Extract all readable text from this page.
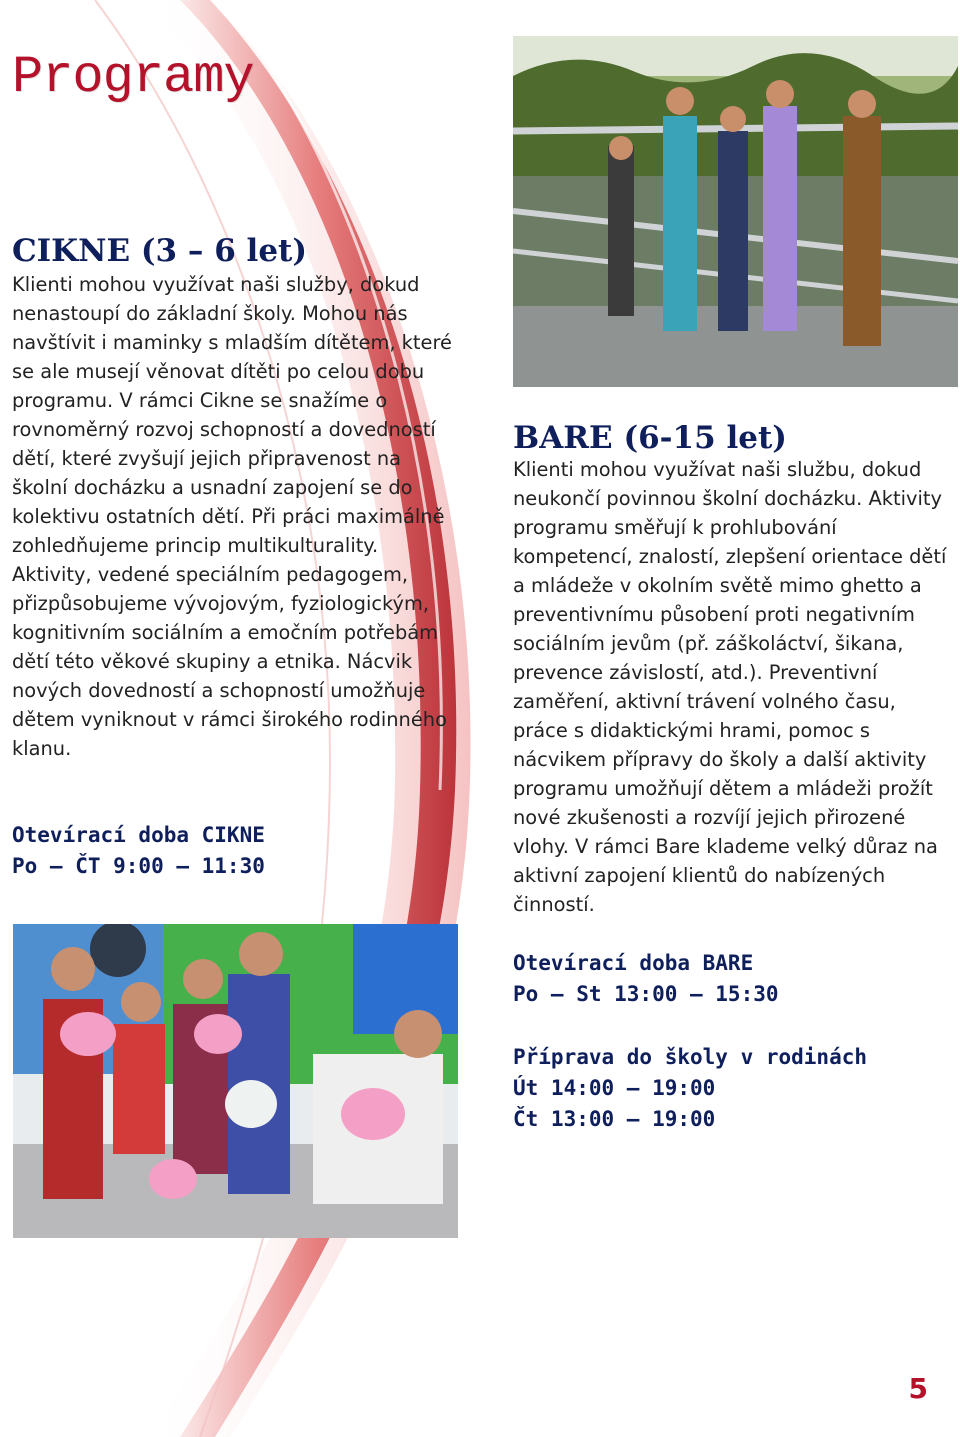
Programy
CIKNE (3 – 6 let)

Klienti mohou využívat naši služby, dokud nenastoupí do základní školy. Mohou nás navštívit i maminky s mladším dítětem, které se ale musejí věnovat dítěti po celou dobu programu. V rámci Cikne se snažíme o rovnoměrný rozvoj schopností a dovedností dětí, které zvyšují jejich připravenost na školní docházku a usnadní zapojení se do kolektivu ostatních dětí. Při práci maximálně zohledňujeme princip multikulturality. Aktivity, vedené speciálním pedagogem, přizpůsobujeme vývojovým, fyziologickým, kognitivním sociálním a emočním potřebám dětí této věkové skupiny a etnika. Nácvik nových dovedností a schopností umožňuje dětem vyniknout v rámci širokého rodinného klanu.

Otevírací doba CIKNE
Po – ČT 9:00 – 11:30
BARE (6-15 let)

Klienti mohou využívat naši službu, dokud neukončí povinnou školní docházku. Aktivity programu směřují k prohlubování kompetencí, znalostí, zlepšení orientace dětí a mládeže v okolním světě mimo ghetto a preventivnímu působení proti negativním sociálním jevům (př. záškoláctví, šikana, prevence závislostí, atd.). Preventivní zaměření, aktivní trávení volného času, práce s didaktickými hrami, pomoc s nácvikem přípravy do školy a další aktivity programu umožňují dětem a mládeži prožít nové zkušenosti a rozvíjí jejich přirozené vlohy. V rámci Bare klademe velký důraz na aktivní zapojení klientů do nabízených činností.

Otevírací doba BARE
Po – St 13:00 – 15:30
Příprava do školy v rodinách
Út 14:00 – 19:00
Čt 13:00 – 19:00
5
